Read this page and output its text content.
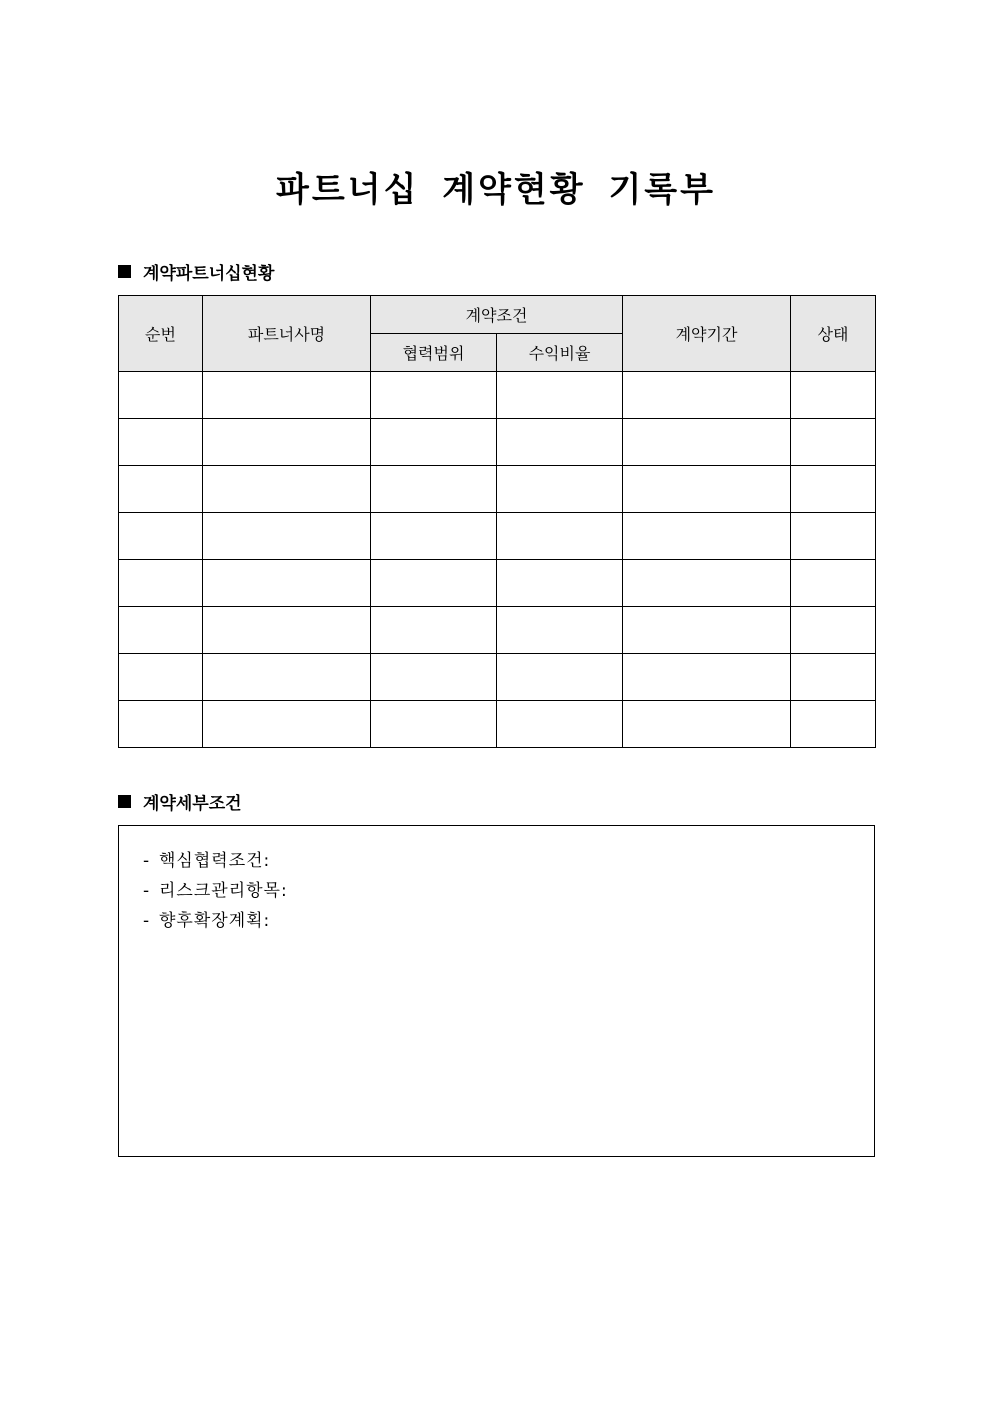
파트너십 계약현황 기록부
계약파트너십현황
순번	파트너사명	계약조건		계약기간	상태
		협력범위	수익비율		

계약세부조건
- 핵심협력조건:
- 리스크관리항목:
- 향후확장계획:
